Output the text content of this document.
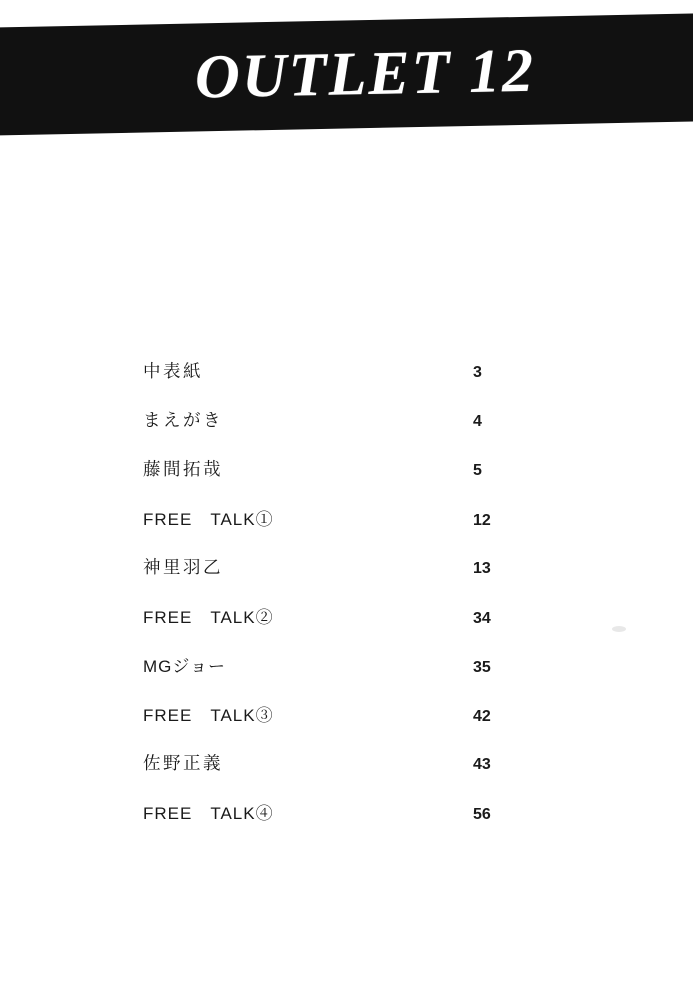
OUTLET 12
中表紙	3
まえがき	4
藤間拓哉	5
FREE　TALK①	12
神里羽乙	13
FREE　TALK②	34
MGジョー	35
FREE　TALK③	42
佐野正義	43
FREE　TALK④	56
